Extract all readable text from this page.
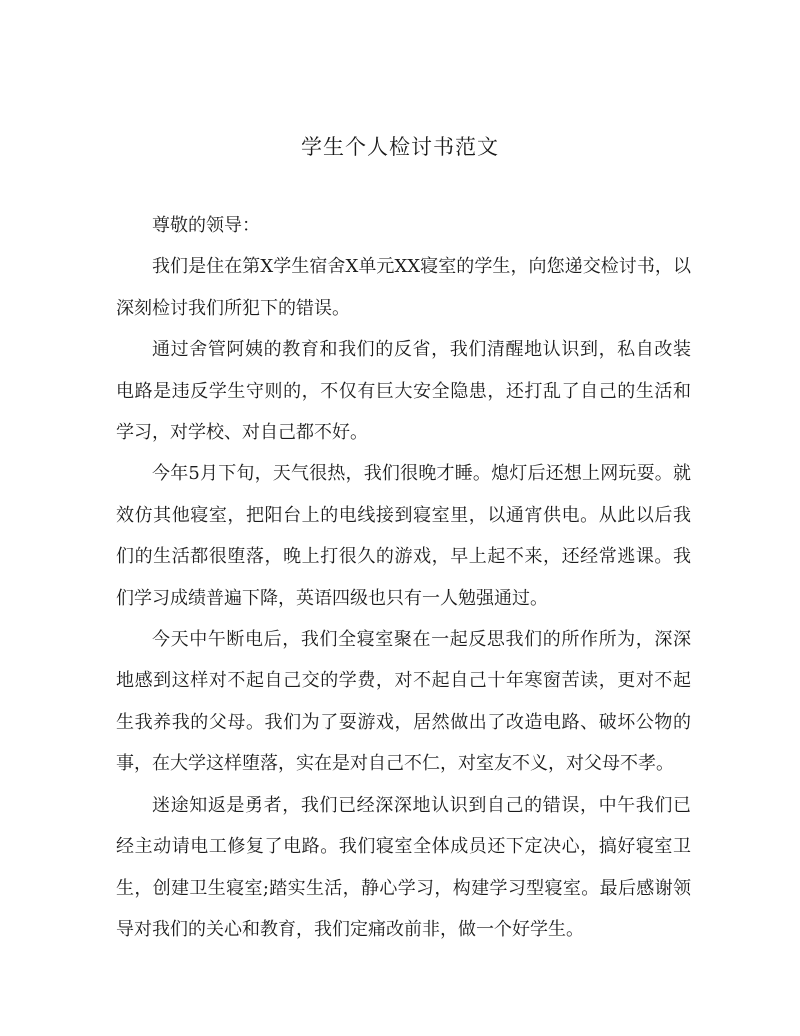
学生个人检讨书范文

尊敬的领导：

我们是住在第X学生宿舍X单元XX寝室的学生，向您递交检讨书，以深刻检讨我们所犯下的错误。

通过舍管阿姨的教育和我们的反省，我们清醒地认识到，私自改装电路是违反学生守则的，不仅有巨大安全隐患，还打乱了自己的生活和学习，对学校、对自己都不好。

今年5月下旬，天气很热，我们很晚才睡。熄灯后还想上网玩耍。就效仿其他寝室，把阳台上的电线接到寝室里，以通宵供电。从此以后我们的生活都很堕落，晚上打很久的游戏，早上起不来，还经常逃课。我们学习成绩普遍下降，英语四级也只有一人勉强通过。

今天中午断电后，我们全寝室聚在一起反思我们的所作所为，深深地感到这样对不起自己交的学费，对不起自己十年寒窗苦读，更对不起生我养我的父母。我们为了耍游戏，居然做出了改造电路、破坏公物的事，在大学这样堕落，实在是对自己不仁，对室友不义，对父母不孝。

迷途知返是勇者，我们已经深深地认识到自己的错误，中午我们已经主动请电工修复了电路。我们寝室全体成员还下定决心，搞好寝室卫生，创建卫生寝室;踏实生活，静心学习，构建学习型寝室。最后感谢领导对我们的关心和教育，我们定痛改前非，做一个好学生。
